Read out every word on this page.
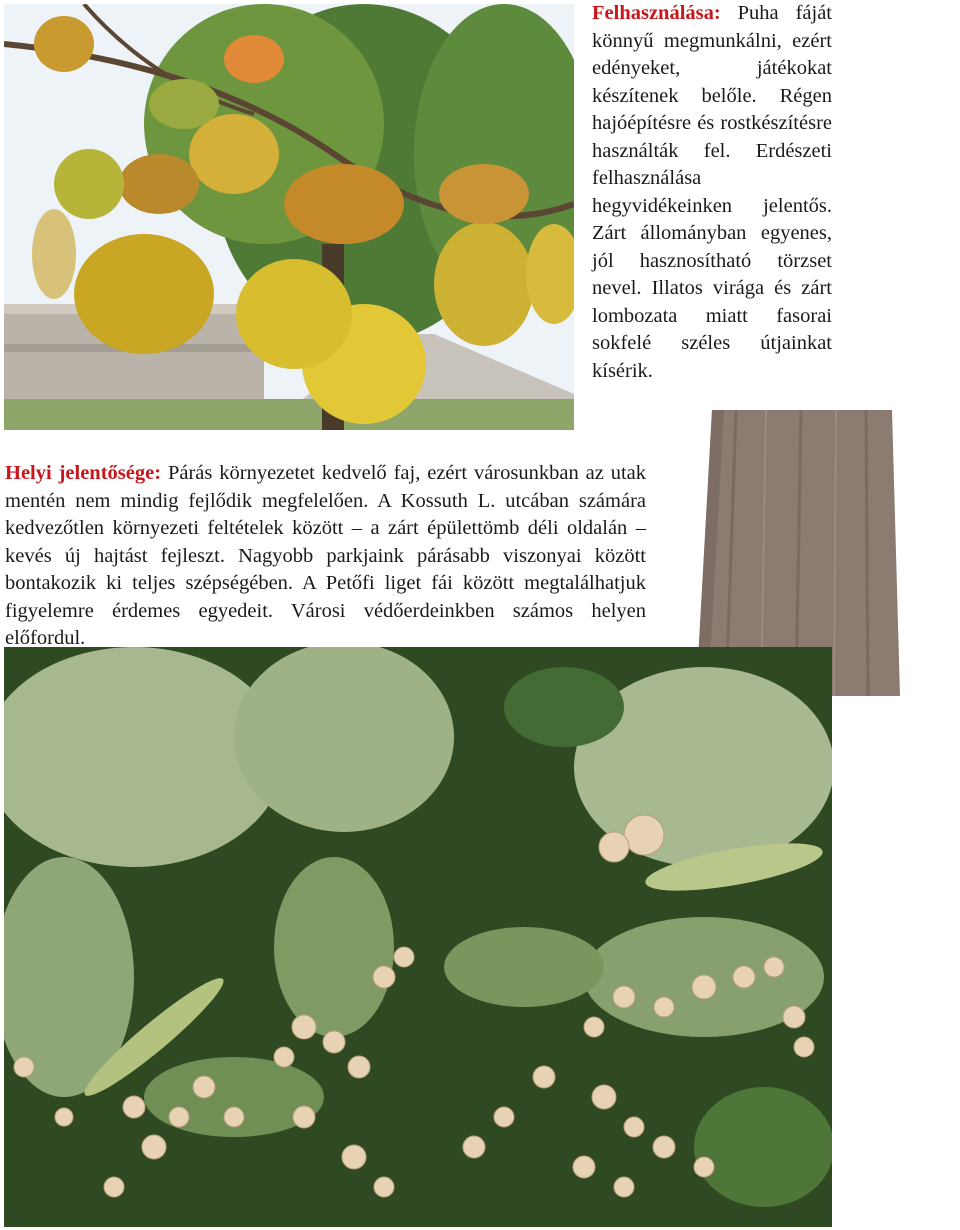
Felhasználása: Puha fáját könnyű megmunkálni, ezért edényeket, játékokat készítenek belőle. Régen hajóépítésre és rostkészítésre használták fel. Erdészeti felhasználása hegyvidékeinken jelentős. Zárt állományban egyenes, jól hasznosítható törzset nevel. Illatos virága és zárt lombozata miatt fasorai sokfelé széles útjainkat kísérik.
Helyi jelentősége: Párás környezetet kedvelő faj, ezért városunkban az utak mentén nem mindig fejlődik megfelelően. A Kossuth L. utcában számára kedvezőtlen környezeti feltételek között – a zárt épülettömb déli oldalán – kevés új hajtást fejleszt. Nagyobb parkjaink párásabb viszonyai között bontakozik ki teljes szépségében. A Petőfi liget fái között megtalálhatjuk figyelemre érdemes egyedeit. Városi védőerdeinkben számos helyen előfordul.
